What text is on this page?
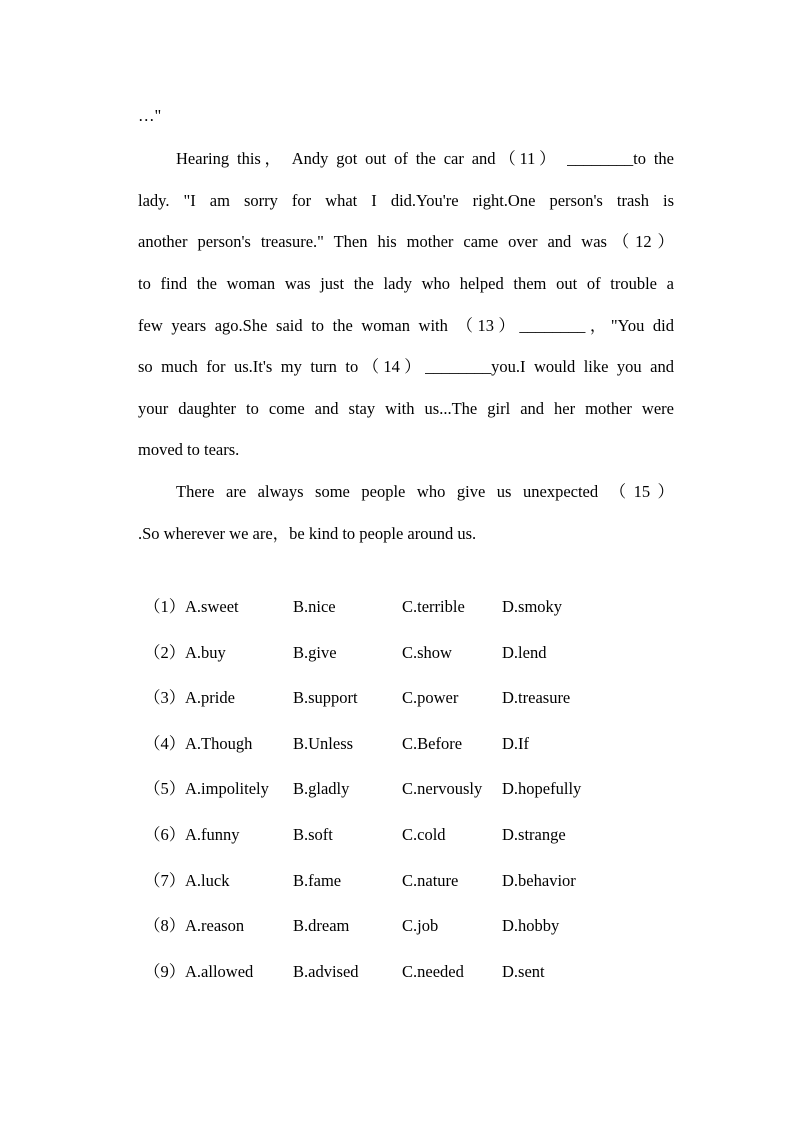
…"
Hearing this， Andy got out of the car and（11） ________to the
lady. "I am sorry for what I did.You're right.One person's trash is
another person's treasure." Then his mother came over and was（12）
to find the woman was just the lady who helped them out of trouble a
few years ago.She said to the woman with （13）________，"You did
so much for us.It's my turn to（14）________you.I would like you and
your daughter to come and stay with us...The girl and her mother were
moved to tears.
There are always some people who give us unexpected （15）
.So wherever we are，be kind to people around us.
（1） A.sweet	B.nice	C.terrible D.smoky
（2） A.buy	B.give	C.show	D.lend
（3） A.pride	B.support	C.power	D.treasure
（4） A.Though B.Unless	C.Before D.If
（5） A.impolitely B.gladly	C.nervously D.hopefully
（6） A.funny	B.soft	C.cold	D.strange
（7） A.luck	B.fame	C.nature	D.behavior
（8） A.reason	B.dream	C.job	D.hobby
（9） A.allowed B.advised	C.needed D.sent
